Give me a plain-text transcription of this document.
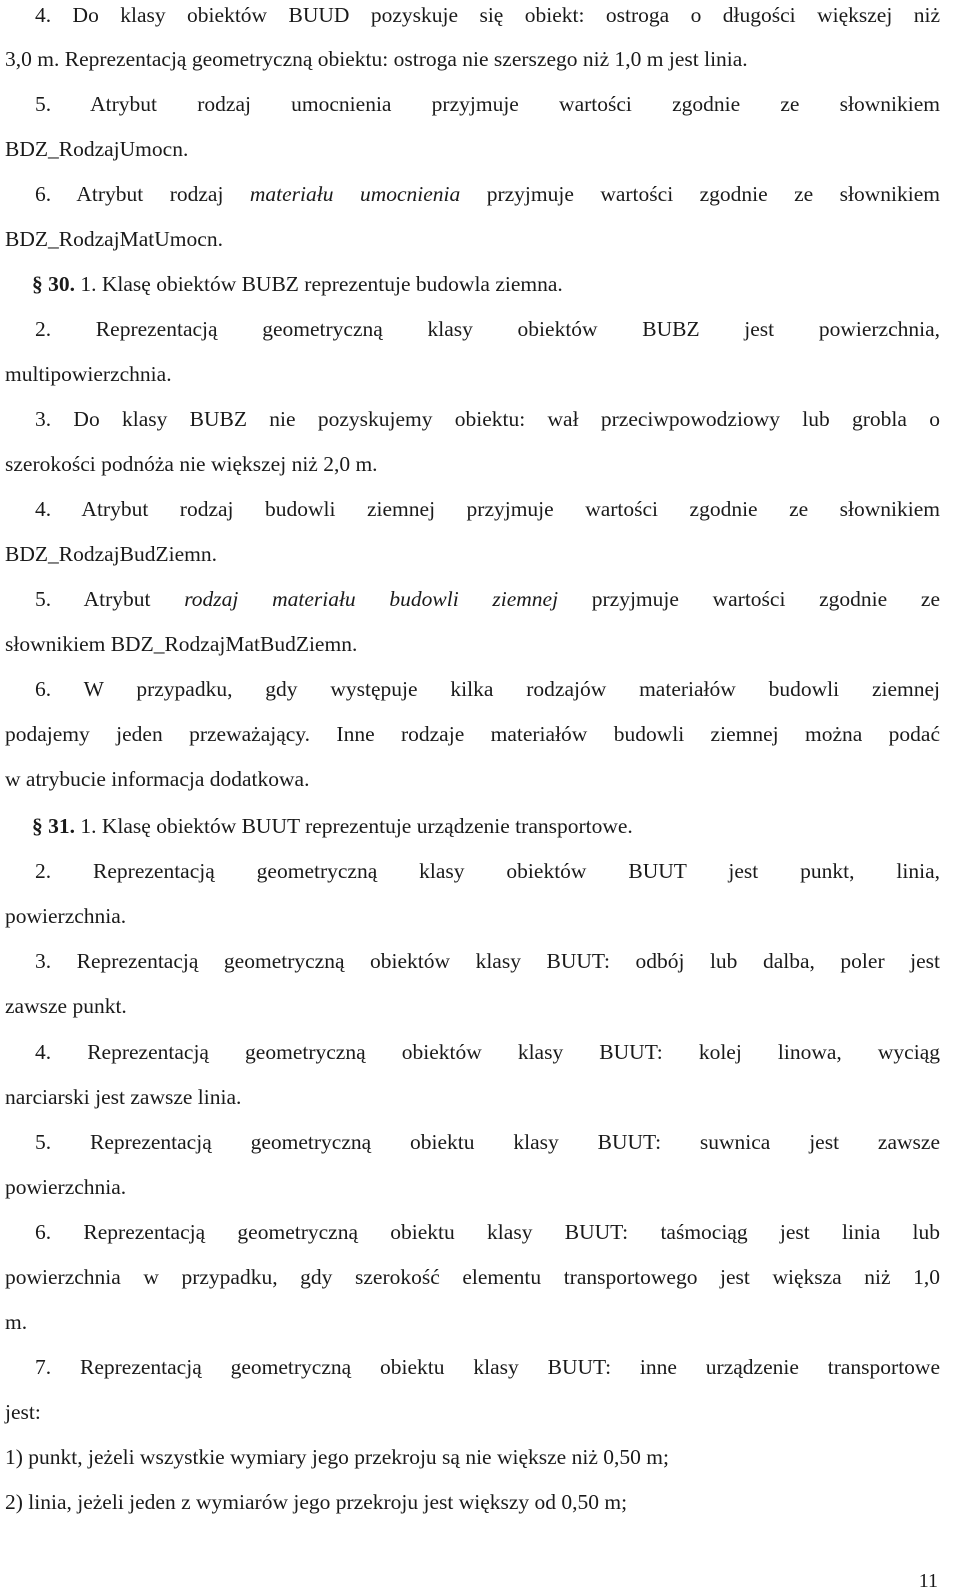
4. Do klasy obiektów BUUD pozyskuje się obiekt: ostroga o długości większej niż
3,0 m. Reprezentacją geometryczną obiektu: ostroga nie szerszego niż 1,0 m jest linia.
5. Atrybut rodzaj umocnienia przyjmuje wartości zgodnie ze słownikiem
BDZ_RodzajUmocn.
6. Atrybut rodzaj materiału umocnienia przyjmuje wartości zgodnie ze słownikiem
BDZ_RodzajMatUmocn.
§ 30. 1. Klasę obiektów BUBZ reprezentuje budowla ziemna.
2. Reprezentacją geometryczną klasy obiektów BUBZ jest powierzchnia,
multipowierzchnia.
3. Do klasy BUBZ nie pozyskujemy obiektu: wał przeciwpowodziowy lub grobla o
szerokości podnóża nie większej niż 2,0 m.
4. Atrybut rodzaj budowli ziemnej przyjmuje wartości zgodnie ze słownikiem
BDZ_RodzajBudZiemn.
5. Atrybut rodzaj materiału budowli ziemnej przyjmuje wartości zgodnie ze
słownikiem BDZ_RodzajMatBudZiemn.
6. W przypadku, gdy występuje kilka rodzajów materiałów budowli ziemnej
podajemy jeden przeważający. Inne rodzaje materiałów budowli ziemnej można podać
w atrybucie informacja dodatkowa.
§ 31. 1. Klasę obiektów BUUT reprezentuje urządzenie transportowe.
2. Reprezentacją geometryczną klasy obiektów BUUT jest punkt, linia,
powierzchnia.
3. Reprezentacją geometryczną obiektów klasy BUUT: odbój lub dalba, poler jest
zawsze punkt.
4. Reprezentacją geometryczną obiektów klasy BUUT: kolej linowa, wyciąg
narciarski jest zawsze linia.
5. Reprezentacją geometryczną obiektu klasy BUUT: suwnica jest zawsze
powierzchnia.
6. Reprezentacją geometryczną obiektu klasy BUUT: taśmociąg jest linia lub
powierzchnia w przypadku, gdy szerokość elementu transportowego jest większa niż 1,0
m.
7. Reprezentacją geometryczną obiektu klasy BUUT: inne urządzenie transportowe
jest:
1) punkt, jeżeli wszystkie wymiary jego przekroju są nie większe niż 0,50 m;
2) linia, jeżeli jeden z wymiarów jego przekroju jest większy od 0,50 m;
11
